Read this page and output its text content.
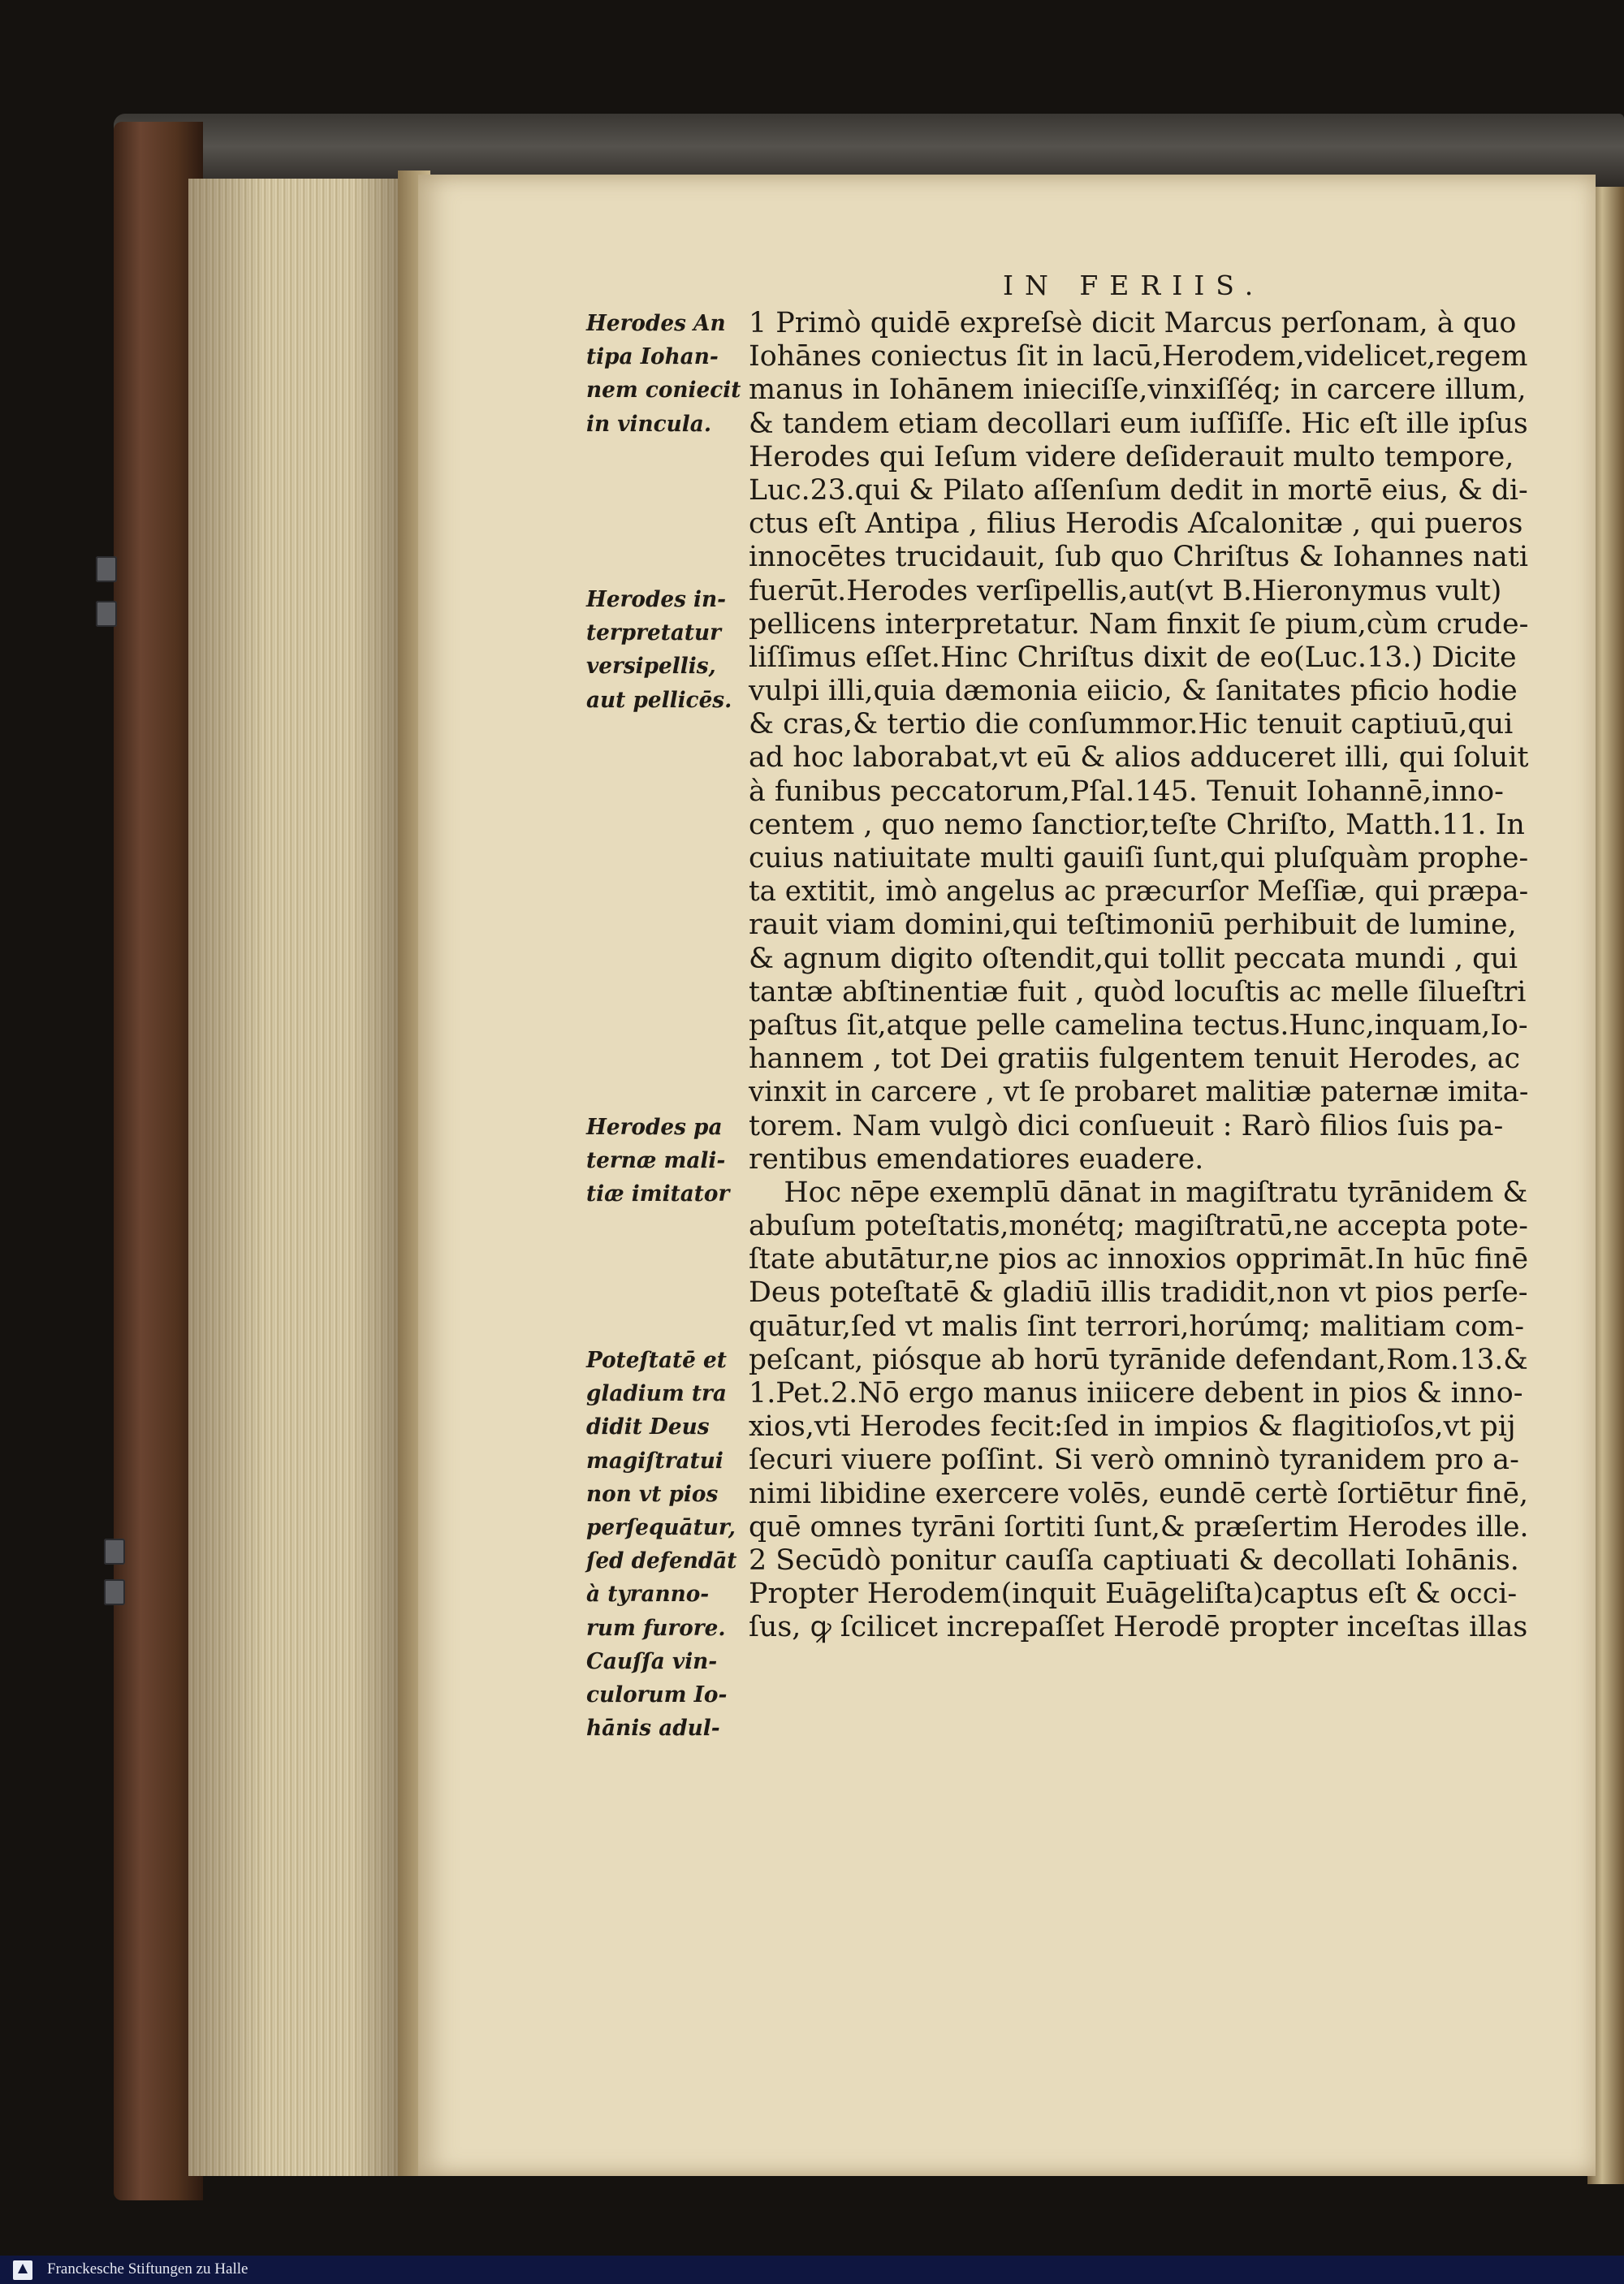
IN FERIIS.
1 Primò quidē expreſsè dicit Marcus perſonam, à quo
Iohānes coniectus ſit in lacū,Herodem,videlicet,regem
manus in Iohānem inieciſſe,vinxiſſéq; in carcere illum,
& tandem etiam decollari eum iuſſiſſe. Hic eſt ille ipſus
Herodes qui Ieſum videre deſiderauit multo tempore,
Luc.23.qui & Pilato aſſenſum dedit in mortē eius, & di-
ctus eſt Antipa , filius Herodis Aſcalonitæ , qui pueros
innocētes trucidauit, ſub quo Chriſtus & Iohannes nati
fuerūt.Herodes verſipellis,aut(vt B.Hieronymus vult)
pellicens interpretatur. Nam finxit ſe pium,cùm crude-
liſſimus eſſet.Hinc Chriſtus dixit de eo(Luc.13.) Dicite
vulpi illi,quia dæmonia eiicio, & ſanitates pficio hodie
& cras,& tertio die conſummor.Hic tenuit captiuū,qui
ad hoc laborabat,vt eū & alios adduceret illi, qui ſoluit
à funibus peccatorum,Pſal.145. Tenuit Iohannē,inno-
centem , quo nemo ſanctior,teſte Chriſto, Matth.11. In
cuius natiuitate multi gauiſi ſunt,qui pluſquàm prophe-
ta extitit, imò angelus ac præcurſor Meſſiæ, qui præpa-
rauit viam domini,qui teſtimoniū perhibuit de lumine,
& agnum digito oſtendit,qui tollit peccata mundi , qui
tantæ abſtinentiæ fuit , quòd locuſtis ac melle ſilueſtri
paſtus ſit,atque pelle camelina tectus.Hunc,inquam,Io-
hannem , tot Dei gratiis fulgentem tenuit Herodes, ac
vinxit in carcere , vt ſe probaret malitiæ paternæ imita-
torem. Nam vulgò dici conſueuit : Rarò filios ſuis pa-
rentibus emendatiores euadere.
Hoc nēpe exemplū dānat in magiſtratu tyrānidem &
abuſum poteſtatis,monétq; magiſtratū,ne accepta pote-
ſtate abutātur,ne pios ac innoxios opprimāt.In hūc finē
Deus poteſtatē & gladiū illis tradidit,non vt pios perſe-
quātur,ſed vt malis ſint terrori,horúmq; malitiam com-
peſcant, piósque ab horū tyrānide defendant,Rom.13.&
1.Pet.2.Nō ergo manus iniicere debent in pios & inno-
xios,vti Herodes fecit:ſed in impios & flagitioſos,vt pij
ſecuri viuere poſſint. Si verò omninò tyranidem pro a-
nimi libidine exercere volēs, eundē certè ſortiētur finē,
quē omnes tyrāni ſortiti ſunt,& præſertim Herodes ille.
2 Secūdò ponitur cauſſa captiuati & decollati Iohānis.
Propter Herodem(inquit Euāgeliſta)captus eſt & occi-
ſus, ꝙ ſcilicet increpaſſet Herodē propter inceſtas illas
Herodes An
tipa Iohan-
nem coniecit
in vincula.
Herodes in-
terpretatur
versipellis,
aut pellicēs.
Herodes pa
ternæ mali-
tiæ imitator
Poteſtatē et
gladium tra
didit Deus
magiſtratui
non vt pios
perſequātur,
ſed defendāt
à tyranno-
rum furore.
Cauſſa vin-
culorum Io-
hānis adul-
Franckesche Stiftungen zu Halle
